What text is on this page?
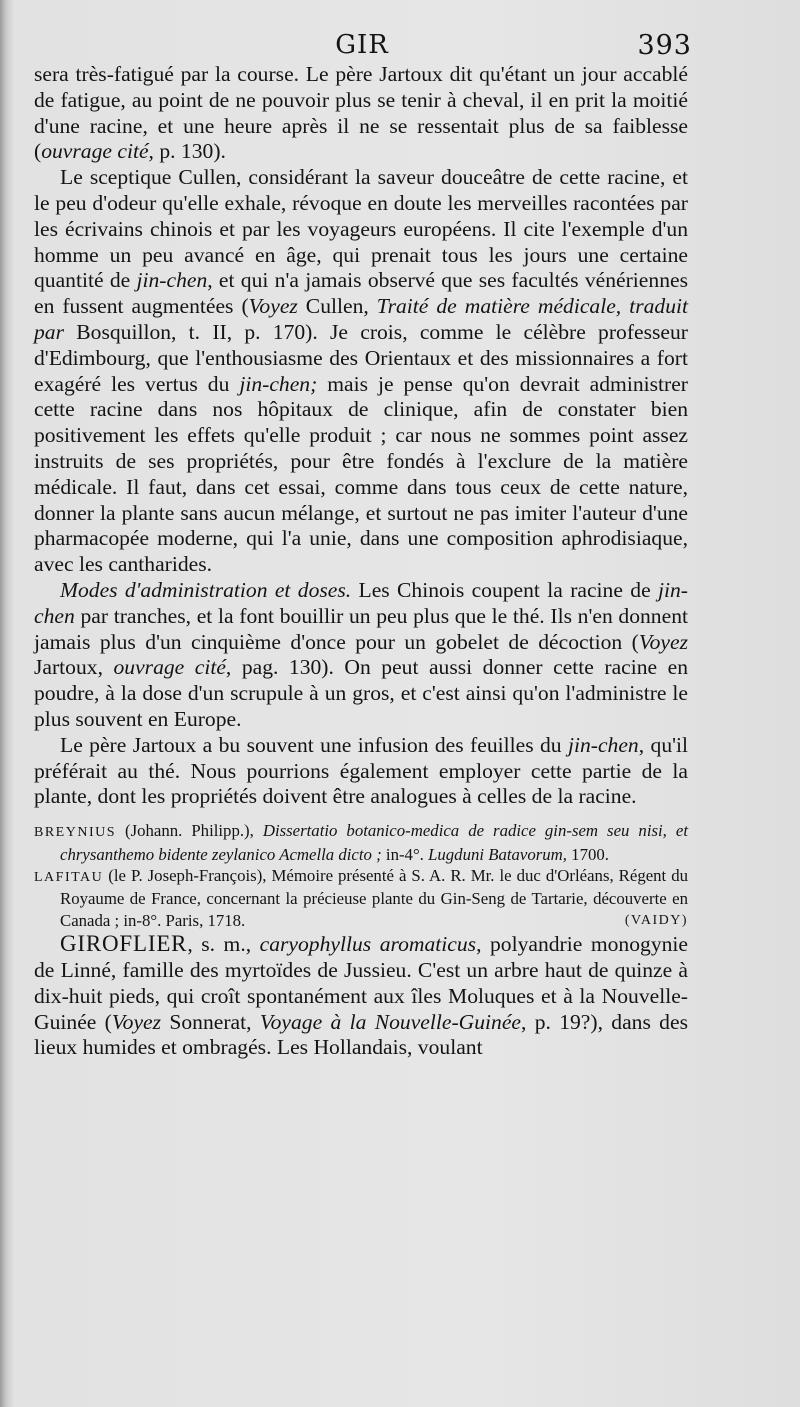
GIR	393

sera très-fatigué par la course. Le père Jartoux dit qu'étant un jour accablé de fatigue, au point de ne pouvoir plus se tenir à cheval, il en prit la moitié d'une racine, et une heure après il ne se ressentait plus de sa faiblesse (ouvrage cité, p. 130).

Le sceptique Cullen, considérant la saveur douceâtre de cette racine, et le peu d'odeur qu'elle exhale, révoque en doute les merveilles racontées par les écrivains chinois et par les voyageurs européens. Il cite l'exemple d'un homme un peu avancé en âge, qui prenait tous les jours une certaine quantité de jin-chen, et qui n'a jamais observé que ses facultés vénériennes en fussent augmentées (Voyez Cullen, Traité de matière médicale, traduit par Bosquillon, t. II, p. 170). Je crois, comme le célèbre professeur d'Edimbourg, que l'enthousiasme des Orientaux et des missionnaires a fort exagéré les vertus du jin-chen; mais je pense qu'on devrait administrer cette racine dans nos hôpitaux de clinique, afin de constater bien positivement les effets qu'elle produit ; car nous ne sommes point assez instruits de ses propriétés, pour être fondés à l'exclure de la matière médicale. Il faut, dans cet essai, comme dans tous ceux de cette nature, donner la plante sans aucun mélange, et surtout ne pas imiter l'auteur d'une pharmacopée moderne, qui l'a unie, dans une composition aphrodisiaque, avec les cantharides.

Modes d'administration et doses. Les Chinois coupent la racine de jin-chen par tranches, et la font bouillir un peu plus que le thé. Ils n'en donnent jamais plus d'un cinquième d'once pour un gobelet de décoction (Voyez Jartoux, ouvrage cité, pag. 130). On peut aussi donner cette racine en poudre, à la dose d'un scrupule à un gros, et c'est ainsi qu'on l'administre le plus souvent en Europe.

Le père Jartoux a bu souvent une infusion des feuilles du jin-chen, qu'il préférait au thé. Nous pourrions également employer cette partie de la plante, dont les propriétés doivent être analogues à celles de la racine.

BREYNIUS (Johann. Philipp.), Dissertatio botanico-medica de radice gin-sem seu nisi, et chrysanthemo bidente zeylanico Acmella dicto ; in-4°. Lugduni Batavorum, 1700.

LAFITAU (le P. Joseph-François), Mémoire présenté à S. A. R. Mr. le duc d'Orléans, Régent du Royaume de France, concernant la précieuse plante du Gin-Seng de Tartarie, découverte en Canada ; in-8°. Paris, 1718.	(VAIDY)

GIROFLIER, s. m., caryophyllus aromaticus, polyandrie monogynie de Linné, famille des myrtoïdes de Jussieu. C'est un arbre haut de quinze à dix-huit pieds, qui croît spontanément aux îles Moluques et à la Nouvelle-Guinée (Voyez Sonnerat, Voyage à la Nouvelle-Guinée, p. 19?), dans des lieux humides et ombragés. Les Hollandais, voulant
